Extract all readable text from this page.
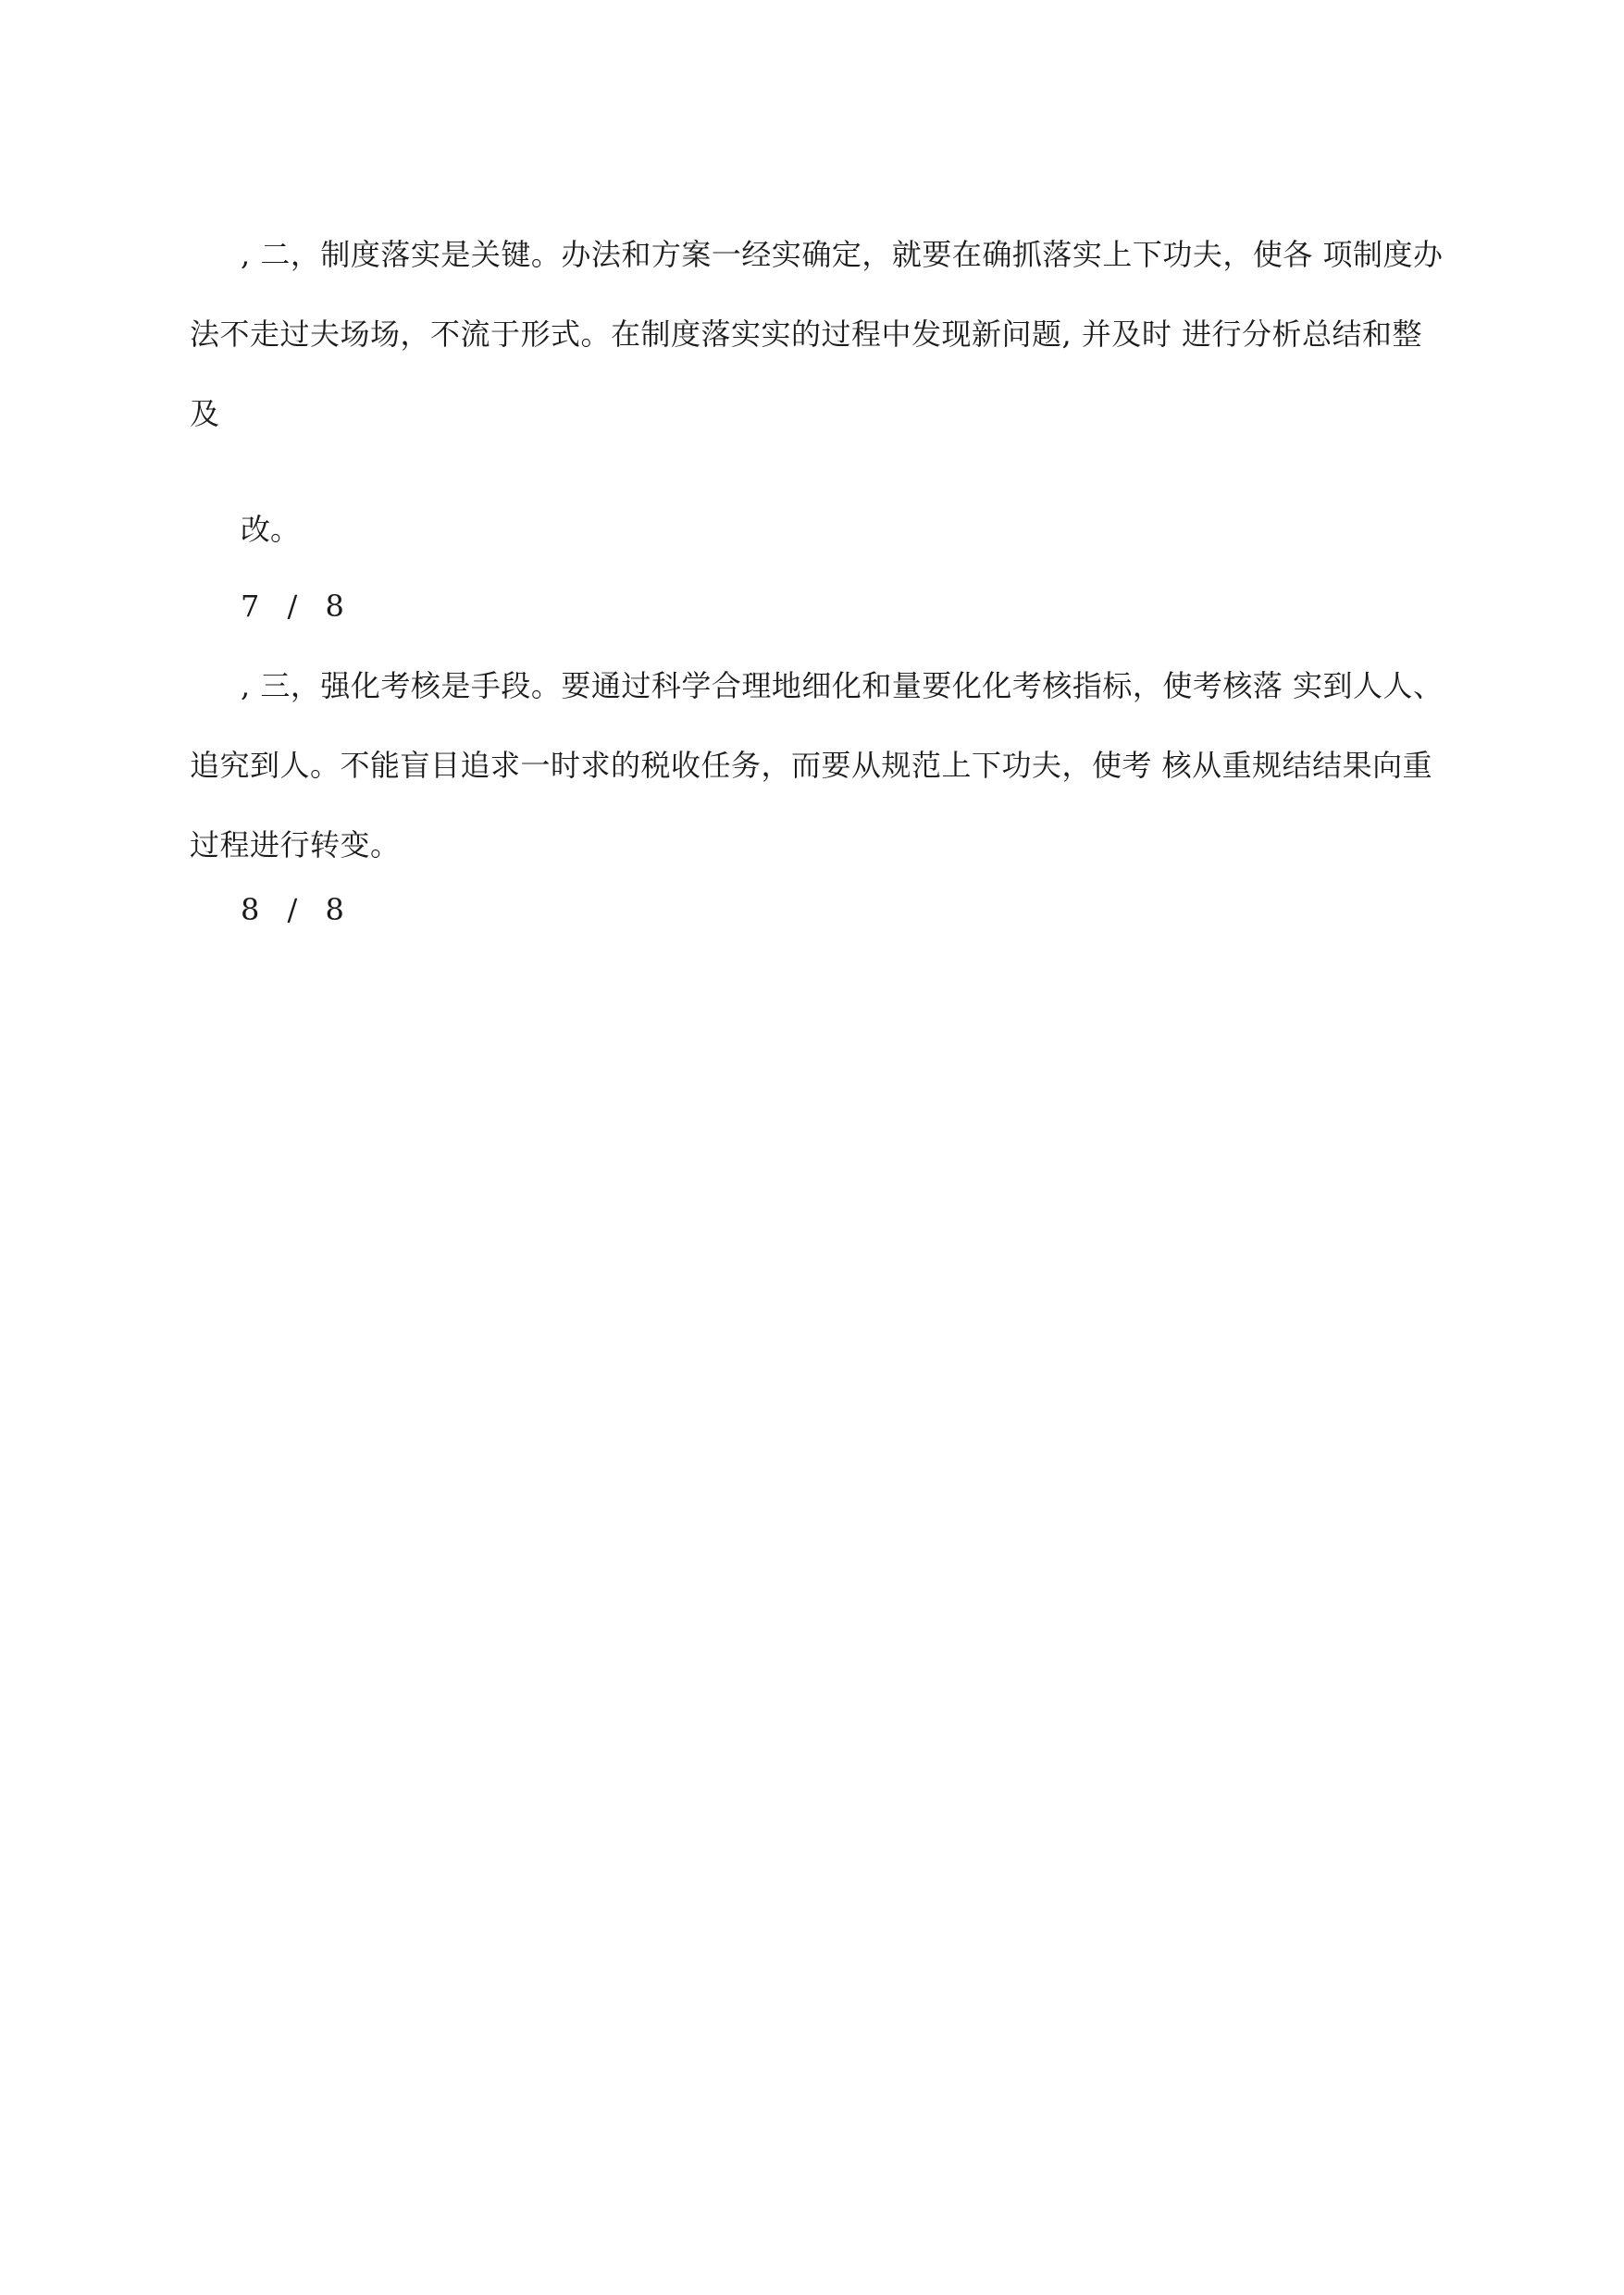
, 二，制度落实是关键。办法和方案一经实确定，就要在确抓落实上下功夫，使各 项制度办法不走过夫场场，不流于形式。在制度落实实的过程中发现新问题, 并及时 进行分析总结和整及

改。

7 / 8

, 三，强化考核是手段。要通过科学合理地细化和量要化化考核指标，使考核落 实到人人、追究到人。不能盲目追求一时求的税收任务，而要从规范上下功夫，使考 核从重规结结果向重过程进行转变。

8 / 8
